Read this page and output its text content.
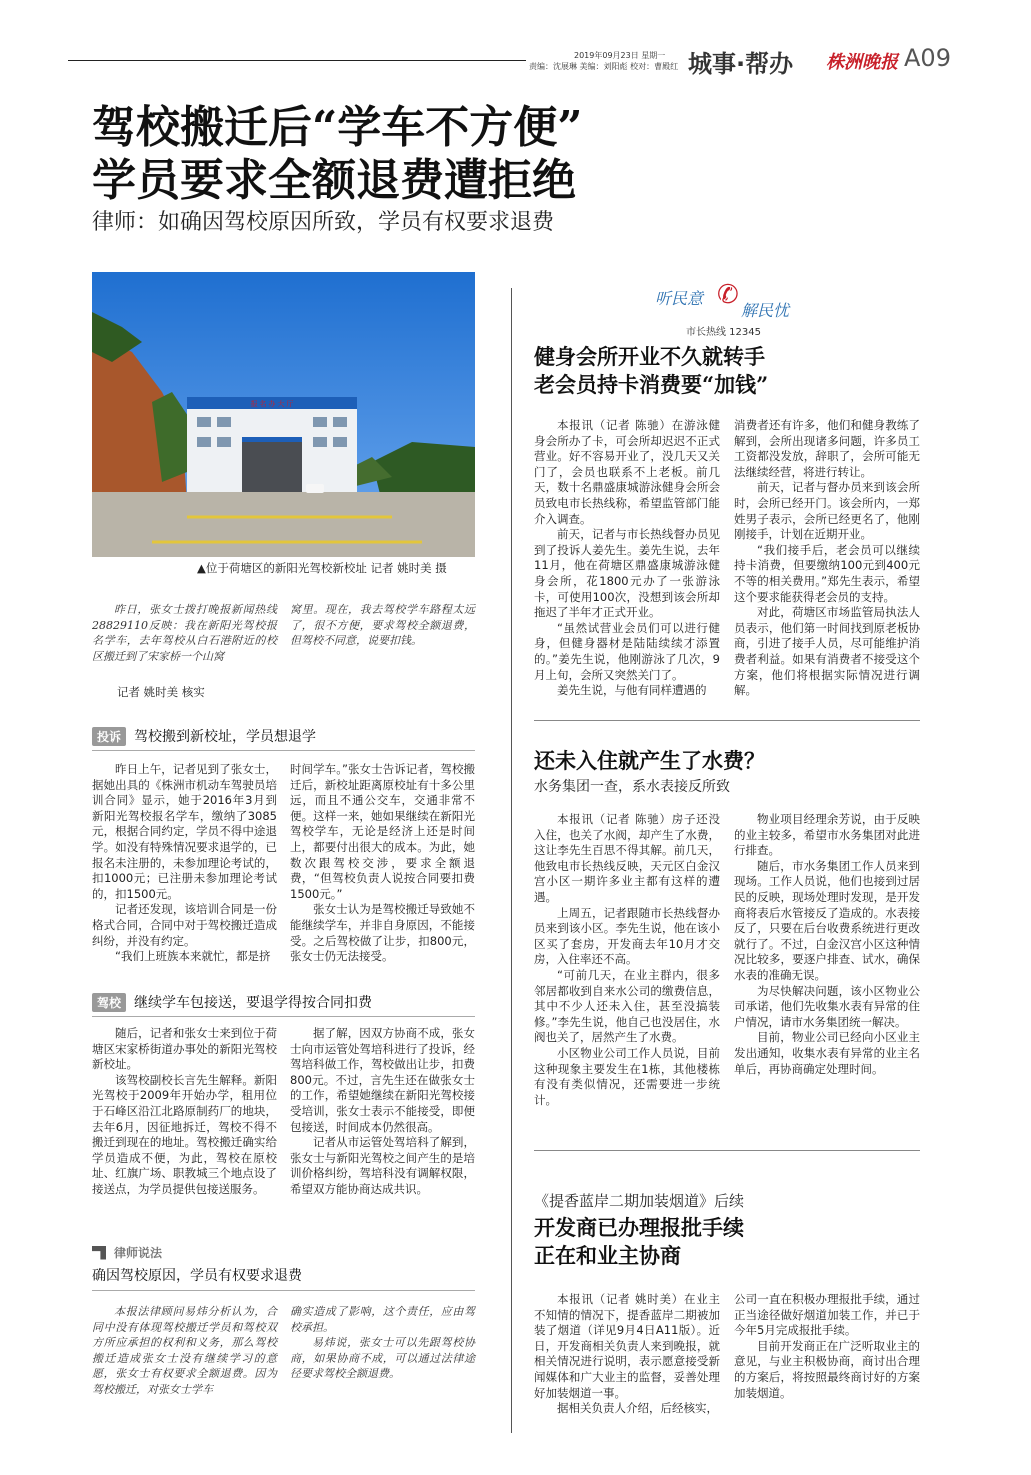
2019年09月23日 星期一
责编：沈展琳 美编：刘阳彪 校对：曹殿红 城事·帮办 株洲晚报 A09
驾校搬迁后“学车不方便”
学员要求全额退费遭拒绝
律师：如确因驾校原因所致，学员有权要求退费
报 名 办 大 厅
▲位于荷塘区的新阳光驾校新校址 记者 姚时美 摄

昨日，张女士拨打晚报新闻热线28829110反映：我在新阳光驾校报名学车，去年驾校从白石港附近的校区搬迁到了宋家桥一个山窝

窝里。现在，我去驾校学车路程太远了，很不方便，要求驾校全额退费，但驾校不同意，说要扣钱。

记者 姚时美 核实
投诉 驾校搬到新校址，学员想退学

昨日上午，记者见到了张女士，据她出具的《株洲市机动车驾驶员培训合同》显示，她于2016年3月到新阳光驾校报名学车，缴纳了3085元，根据合同约定，学员不得中途退学。如没有特殊情况要求退学的，已报名未注册的，未参加理论考试的，扣1000元；已注册未参加理论考试的，扣1500元。

记者还发现，该培训合同是一份格式合同，合同中对于驾校搬迁造成纠纷，并没有约定。

“我们上班族本来就忙，都是挤

时间学车。”张女士告诉记者，驾校搬迁后，新校址距离原校址有十多公里远，而且不通公交车，交通非常不便。这样一来，她如果继续在新阳光驾校学车，无论是经济上还是时间上，都要付出很大的成本。为此，她数次跟驾校交涉，要求全额退费，“但驾校负责人说按合同要扣费1500元。”

张女士认为是驾校搬迁导致她不能继续学车，并非自身原因，不能接受。之后驾校做了让步，扣800元，张女士仍无法接受。

驾校 继续学车包接送，要退学得按合同扣费

随后，记者和张女士来到位于荷塘区宋家桥街道办事处的新阳光驾校新校址。

该驾校副校长言先生解释。新阳光驾校于2009年开始办学，租用位于石峰区沿江北路原制药厂的地块，去年6月，因征地拆迁，驾校不得不搬迁到现在的地址。驾校搬迁确实给学员造成不便，为此，驾校在原校址、红旗广场、职教城三个地点设了接送点，为学员提供包接送服务。

据了解，因双方协商不成，张女士向市运管处驾培科进行了投诉，经驾培科做工作，驾校做出让步，扣费800元。不过，言先生还在做张女士的工作，希望她继续在新阳光驾校接受培训，张女士表示不能接受，即便包接送，时间成本仍然很高。

记者从市运管处驾培科了解到，张女士与新阳光驾校之间产生的是培训价格纠纷，驾培科没有调解权限，希望双方能协商达成共识。

律师说法
确因驾校原因，学员有权要求退费

本报法律顾问易炜分析认为，合同中没有体现驾校搬迁学员和驾校双方所应承担的权利和义务，那么驾校搬迁造成张女士没有继续学习的意愿，张女士有权要求全额退费。因为驾校搬迁，对张女士学车

确实造成了影响，这个责任，应由驾校承担。

易炜说，张女士可以先跟驾校协商，如果协商不成，可以通过法律途径要求驾校全额退费。

听民意 ✆
解民忧
市长热线 12345
健身会所开业不久就转手
老会员持卡消费要“加钱”

本报讯（记者 陈驰）在游泳健身会所办了卡，可会所却迟迟不正式营业。好不容易开业了，没几天又关门了，会员也联系不上老板。前几天，数十名鼎盛康城游泳健身会所会员致电市长热线称，希望监管部门能介入调查。

前天，记者与市长热线督办员见到了投诉人姜先生。姜先生说，去年11月，他在荷塘区鼎盛康城游泳健身会所，花1800元办了一张游泳卡，可使用100次，没想到该会所却拖迟了半年才正式开业。

“虽然试营业会员们可以进行健身，但健身器材是陆陆续续才添置的。”姜先生说，他刚游泳了几次，9月上旬，会所又突然关门了。

姜先生说，与他有同样遭遇的

消费者还有许多，他们和健身教练了解到，会所出现诸多问题，许多员工工资都没发放，辞职了，会所可能无法继续经营，将进行转让。

前天，记者与督办员来到该会所时，会所已经开门。该会所内，一郑姓男子表示，会所已经更名了，他刚刚接手，计划在近期开业。

“我们接手后，老会员可以继续持卡消费，但要缴纳100元到400元不等的相关费用。”郑先生表示，希望这个要求能获得老会员的支持。

对此，荷塘区市场监管局执法人员表示，他们第一时间找到原老板协商，引进了接手人员，尽可能维护消费者利益。如果有消费者不接受这个方案，他们将根据实际情况进行调解。

还未入住就产生了水费？
水务集团一查，系水表接反所致

本报讯（记者 陈驰）房子还没入住，也关了水阀，却产生了水费，这让李先生百思不得其解。前几天，他致电市长热线反映，天元区白金汉宫小区一期许多业主都有这样的遭遇。

上周五，记者跟随市长热线督办员来到该小区。李先生说，他在该小区买了套房，开发商去年10月才交房，入住率还不高。

“可前几天，在业主群内，很多邻居都收到自来水公司的缴费信息，其中不少人还未入住，甚至没搞装修。”李先生说，他自己也没居住，水阀也关了，居然产生了水费。

小区物业公司工作人员说，目前这种现象主要发生在1栋，其他楼栋有没有类似情况，还需要进一步统计。

物业项目经理余芳说，由于反映的业主较多，希望市水务集团对此进行排查。

随后，市水务集团工作人员来到现场。工作人员说，他们也接到过居民的反映，现场处理时发现，是开发商将表后水管接反了造成的。水表接反了，只要在后台收费系统进行更改就行了。不过，白金汉宫小区这种情况比较多，要逐户排查、试水，确保水表的准确无误。

为尽快解决问题，该小区物业公司承诺，他们先收集水表有异常的住户情况，请市水务集团统一解决。

目前，物业公司已经向小区业主发出通知，收集水表有异常的业主名单后，再协商确定处理时间。

《提香蓝岸二期加装烟道》后续
开发商已办理报批手续
正在和业主协商

本报讯（记者 姚时美）在业主不知情的情况下，提香蓝岸二期被加装了烟道（详见9月4日A11版）。近日，开发商相关负责人来到晚报，就相关情况进行说明，表示愿意接受新闻媒体和广大业主的监督，妥善处理好加装烟道一事。

据相关负责人介绍，后经核实，

公司一直在积极办理报批手续，通过正当途径做好烟道加装工作，并已于今年5月完成报批手续。

目前开发商正在广泛听取业主的意见，与业主积极协商，商讨出合理的方案后，将按照最终商讨好的方案加装烟道。
